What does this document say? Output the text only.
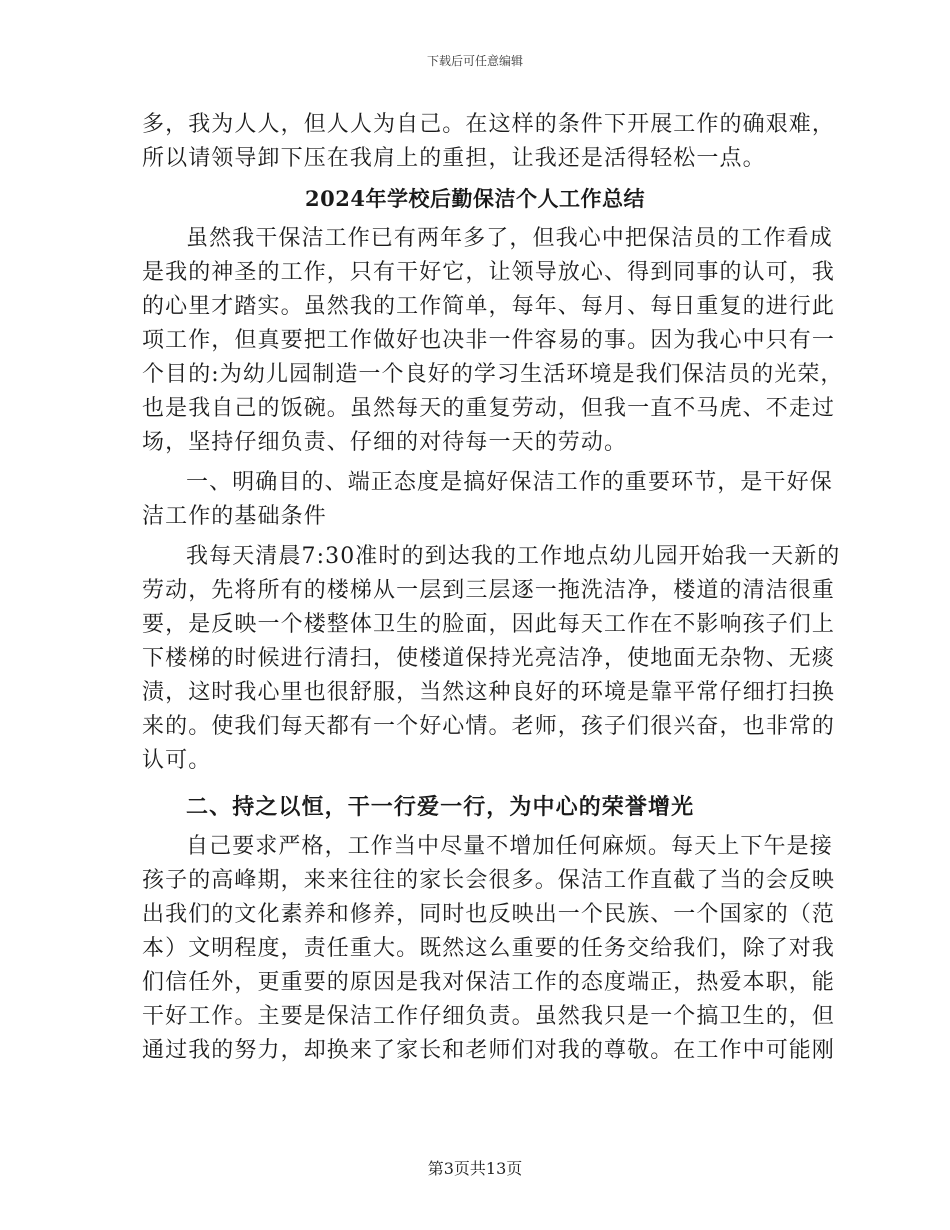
下载后可任意编辑
多，我为人人，但人人为自己。在这样的条件下开展工作的确艰难，
所以请领导卸下压在我肩上的重担，让我还是活得轻松一点。
2024年学校后勤保洁个人工作总结
虽然我干保洁工作已有两年多了，但我心中把保洁员的工作看成
是我的神圣的工作，只有干好它，让领导放心、得到同事的认可，我
的心里才踏实。虽然我的工作简单，每年、每月、每日重复的进行此
项工作，但真要把工作做好也决非一件容易的事。因为我心中只有一
个目的:为幼儿园制造一个良好的学习生活环境是我们保洁员的光荣，
也是我自己的饭碗。虽然每天的重复劳动，但我一直不马虎、不走过
场，坚持仔细负责、仔细的对待每一天的劳动。
一、明确目的、端正态度是搞好保洁工作的重要环节，是干好保
洁工作的基础条件
我每天清晨7:30准时的到达我的工作地点幼儿园开始我一天新的
劳动，先将所有的楼梯从一层到三层逐一拖洗洁净，楼道的清洁很重
要，是反映一个楼整体卫生的脸面，因此每天工作在不影响孩子们上
下楼梯的时候进行清扫，使楼道保持光亮洁净，使地面无杂物、无痰
渍，这时我心里也很舒服，当然这种良好的环境是靠平常仔细打扫换
来的。使我们每天都有一个好心情。老师，孩子们很兴奋，也非常的
认可。
二、持之以恒，干一行爱一行，为中心的荣誉增光
自己要求严格，工作当中尽量不增加任何麻烦。每天上下午是接
孩子的高峰期，来来往往的家长会很多。保洁工作直截了当的会反映
出我们的文化素养和修养，同时也反映出一个民族、一个国家的（范
本）文明程度，责任重大。既然这么重要的任务交给我们，除了对我
们信任外，更重要的原因是我对保洁工作的态度端正，热爱本职，能
干好工作。主要是保洁工作仔细负责。虽然我只是一个搞卫生的，但
通过我的努力，却换来了家长和老师们对我的尊敬。在工作中可能刚
第3页共13页
